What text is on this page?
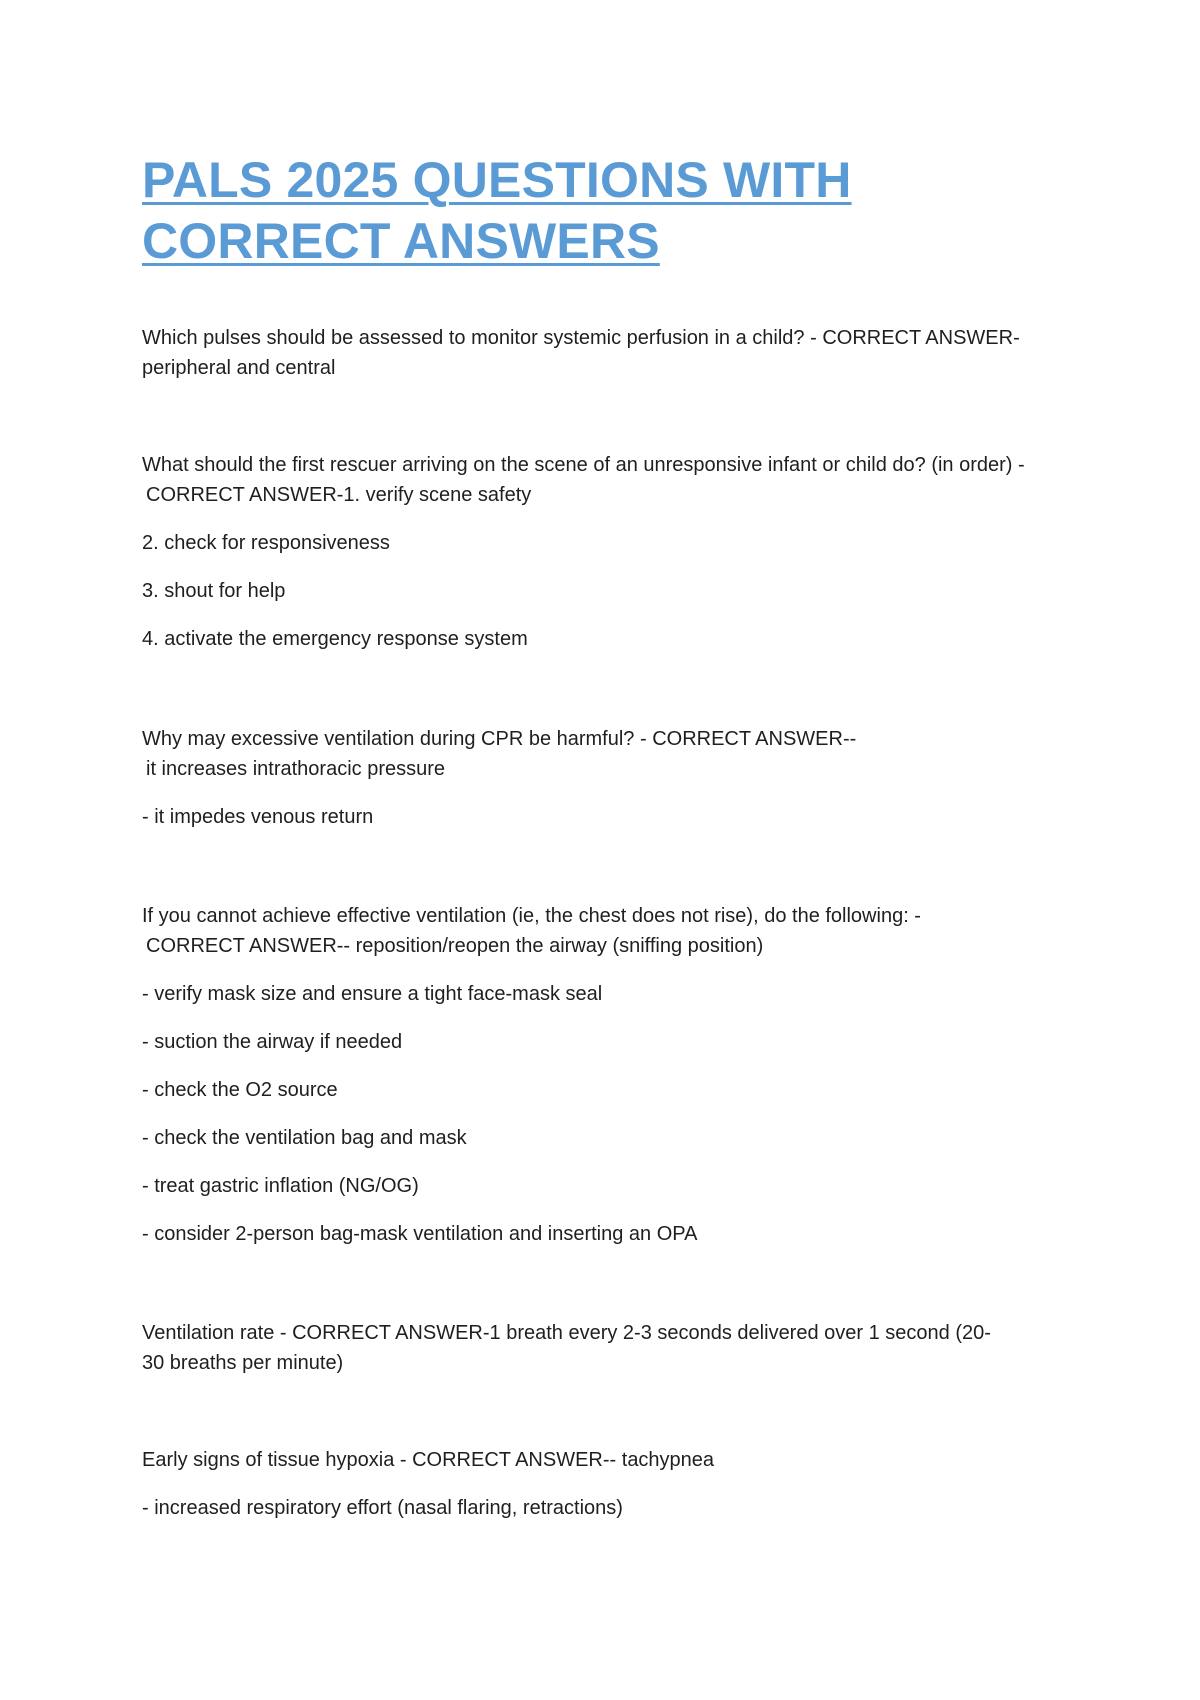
PALS 2025 QUESTIONS WITH
CORRECT ANSWERS

Which pulses should be assessed to monitor systemic perfusion in a child? - CORRECT ANSWER-

peripheral and central

What should the first rescuer arriving on the scene of an unresponsive infant or child do? (in order) -

CORRECT ANSWER-1. verify scene safety

2. check for responsiveness

3. shout for help

4. activate the emergency response system

Why may excessive ventilation during CPR be harmful? - CORRECT ANSWER--

it increases intrathoracic pressure

- it impedes venous return

If you cannot achieve effective ventilation (ie, the chest does not rise), do the following: -

CORRECT ANSWER-- reposition/reopen the airway (sniffing position)

- verify mask size and ensure a tight face-mask seal

- suction the airway if needed

- check the O2 source

- check the ventilation bag and mask

- treat gastric inflation (NG/OG)

- consider 2-person bag-mask ventilation and inserting an OPA

Ventilation rate - CORRECT ANSWER-1 breath every 2-3 seconds delivered over 1 second (20-

30 breaths per minute)

Early signs of tissue hypoxia - CORRECT ANSWER-- tachypnea

- increased respiratory effort (nasal flaring, retractions)
